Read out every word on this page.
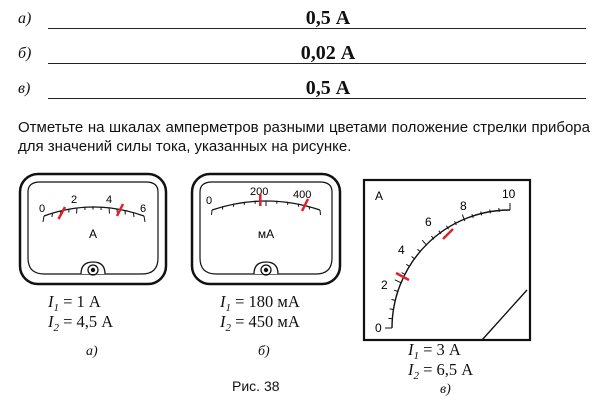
а)	0,5 А
б)	0,02 А
в)	0,5 А
Отметьте на шкалах амперметров разными цветами положение стрелки прибора для значений силы тока, указанных на рисунке.
0
2	4
6
А
0
200 400
мА
0
2
4
6
8
10
А
$I_1 = 1$ А
$I_2 = 4,5$ А
а)
$I_1 = 180$ мА
$I_2 = 450$ мА
б)	$I_1 = 3$ А
$I_2 = 6,5$ А
в)
Рис. 38
